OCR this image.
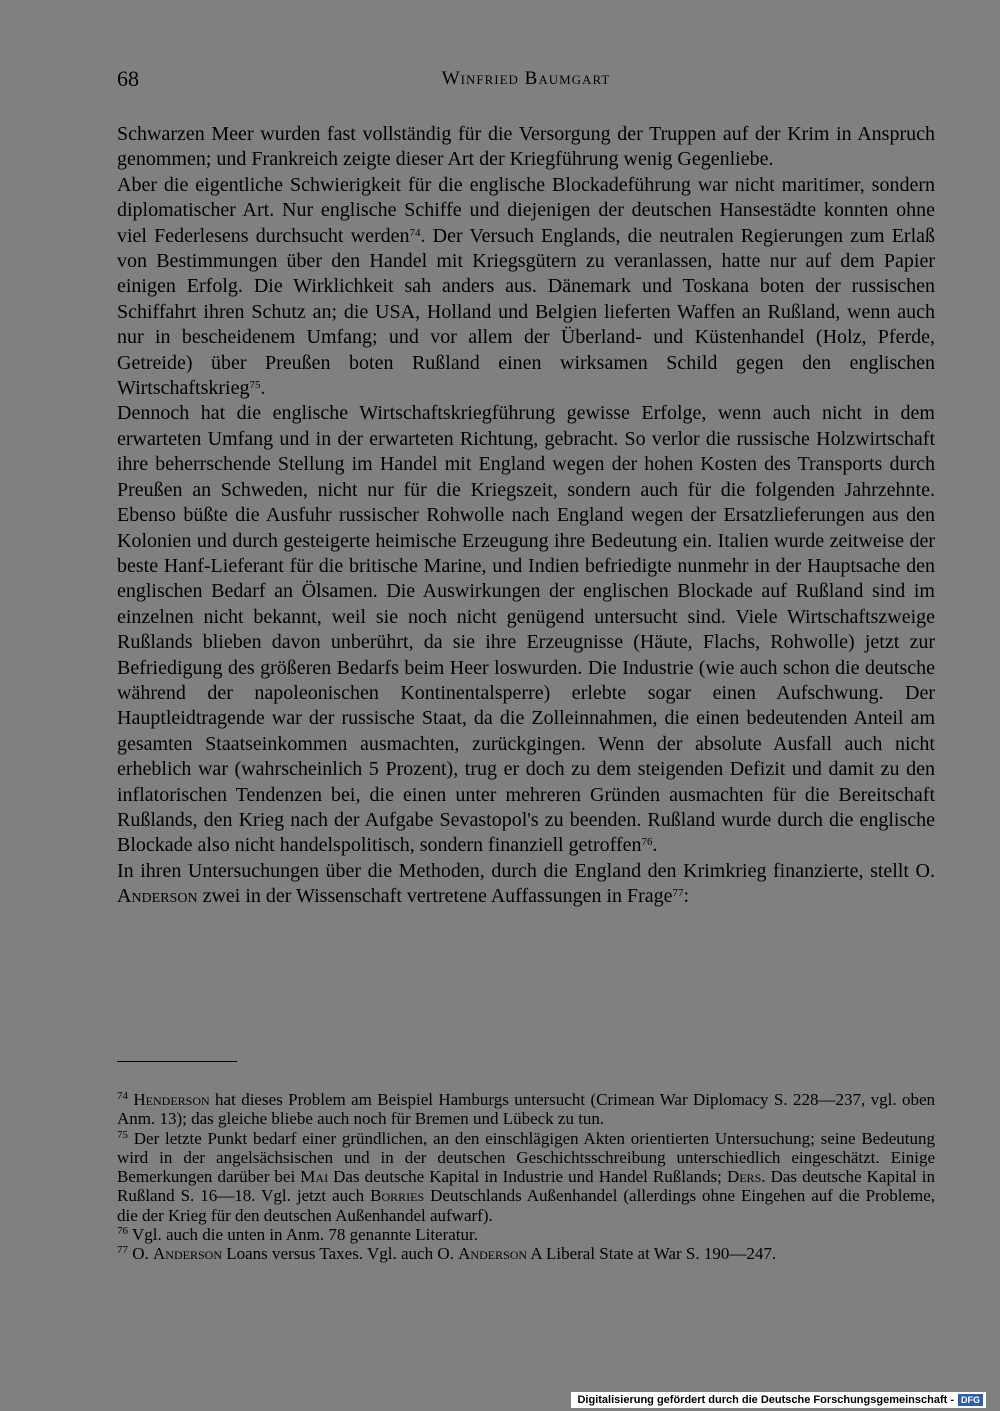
68	Winfried Baumgart

Schwarzen Meer wurden fast vollständig für die Versorgung der Truppen auf der Krim in Anspruch genommen; und Frankreich zeigte dieser Art der Kriegführung wenig Gegenliebe.

Aber die eigentliche Schwierigkeit für die englische Blockadeführung war nicht maritimer, sondern diplomatischer Art. Nur englische Schiffe und diejenigen der deutschen Hansestädte konnten ohne viel Federlesens durchsucht werden$^{74}$. Der Versuch Englands, die neutralen Regierungen zum Erlaß von Bestimmungen über den Handel mit Kriegsgütern zu veranlassen, hatte nur auf dem Papier einigen Erfolg. Die Wirklichkeit sah anders aus. Dänemark und Toskana boten der russischen Schiffahrt ihren Schutz an; die USA, Holland und Belgien lieferten Waffen an Rußland, wenn auch nur in bescheidenem Umfang; und vor allem der Überland- und Küstenhandel (Holz, Pferde, Getreide) über Preußen boten Rußland einen wirksamen Schild gegen den englischen Wirtschaftskrieg$^{75}$.

Dennoch hat die englische Wirtschaftskriegführung gewisse Erfolge, wenn auch nicht in dem erwarteten Umfang und in der erwarteten Richtung, gebracht. So verlor die russische Holzwirtschaft ihre beherrschende Stellung im Handel mit England wegen der hohen Kosten des Transports durch Preußen an Schweden, nicht nur für die Kriegszeit, sondern auch für die folgenden Jahrzehnte. Ebenso büßte die Ausfuhr russischer Rohwolle nach England wegen der Ersatzlieferungen aus den Kolonien und durch gesteigerte heimische Erzeugung ihre Bedeutung ein. Italien wurde zeitweise der beste Hanf-Lieferant für die britische Marine, und Indien befriedigte nunmehr in der Hauptsache den englischen Bedarf an Ölsamen. Die Auswirkungen der englischen Blockade auf Rußland sind im einzelnen nicht bekannt, weil sie noch nicht genügend untersucht sind. Viele Wirtschaftszweige Rußlands blieben davon unberührt, da sie ihre Erzeugnisse (Häute, Flachs, Rohwolle) jetzt zur Befriedigung des größeren Bedarfs beim Heer loswurden. Die Industrie (wie auch schon die deutsche während der napoleonischen Kontinentalsperre) erlebte sogar einen Aufschwung. Der Hauptleidtragende war der russische Staat, da die Zolleinnahmen, die einen bedeutenden Anteil am gesamten Staatseinkommen ausmachten, zurückgingen. Wenn der absolute Ausfall auch nicht erheblich war (wahrscheinlich 5 Prozent), trug er doch zu dem steigenden Defizit und damit zu den inflatorischen Tendenzen bei, die einen unter mehreren Gründen ausmachten für die Bereitschaft Rußlands, den Krieg nach der Aufgabe Sevastopol's zu beenden. Rußland wurde durch die englische Blockade also nicht handelspolitisch, sondern finanziell getroffen$^{76}$.

In ihren Untersuchungen über die Methoden, durch die England den Krimkrieg finanzierte, stellt O. Anderson zwei in der Wissenschaft vertretene Auffassungen in Frage$^{77}$:

$^{74}$ Henderson hat dieses Problem am Beispiel Hamburgs untersucht (Crimean War Diplomacy S. 228—237, vgl. oben Anm. 13); das gleiche bliebe auch noch für Bremen und Lübeck zu tun.

$^{75}$ Der letzte Punkt bedarf einer gründlichen, an den einschlägigen Akten orientierten Untersuchung; seine Bedeutung wird in der angelsächsischen und in der deutschen Geschichtsschreibung unterschiedlich eingeschätzt. Einige Bemerkungen darüber bei Mai Das deutsche Kapital in Industrie und Handel Rußlands; Ders. Das deutsche Kapital in Rußland S. 16—18. Vgl. jetzt auch Borries Deutschlands Außenhandel (allerdings ohne Eingehen auf die Probleme, die der Krieg für den deutschen Außenhandel aufwarf).

$^{76}$ Vgl. auch die unten in Anm. 78 genannte Literatur.

$^{77}$ O. Anderson Loans versus Taxes. Vgl. auch O. Anderson A Liberal State at War S. 190—247.

Digitalisierung gefördert durch die Deutsche Forschungsgemeinschaft - DFG
